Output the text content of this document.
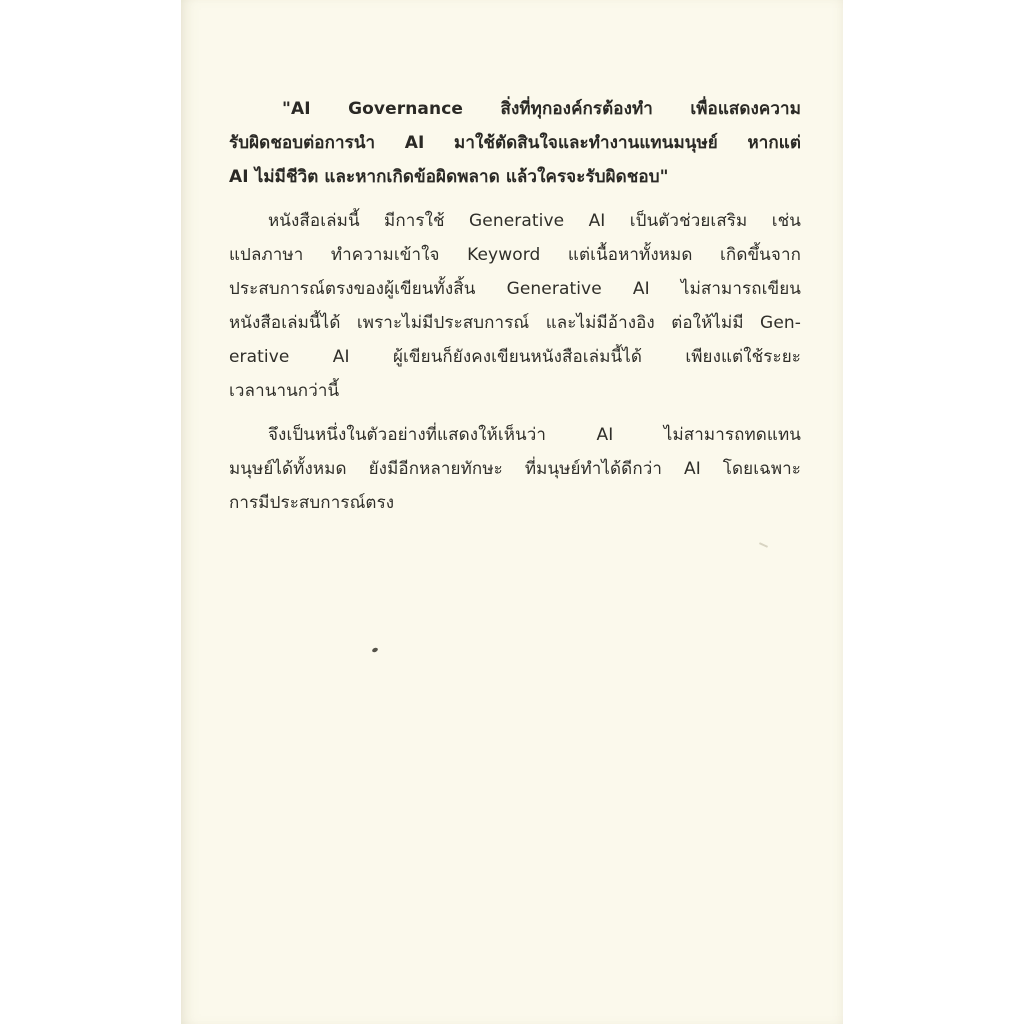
"AI Governance สิ่งที่ทุกองค์กรต้องทำ เพื่อแสดงความ
รับผิดชอบต่อการนำ AI มาใช้ตัดสินใจและทำงานแทนมนุษย์ หากแต่
AI ไม่มีชีวิต และหากเกิดข้อผิดพลาด แล้วใครจะรับผิดชอบ"
หนังสือเล่มนี้ มีการใช้ Generative AI เป็นตัวช่วยเสริม เช่น
แปลภาษา ทำความเข้าใจ Keyword แต่เนื้อหาทั้งหมด เกิดขึ้นจาก
ประสบการณ์ตรงของผู้เขียนทั้งสิ้น Generative AI ไม่สามารถเขียน
หนังสือเล่มนี้ได้ เพราะไม่มีประสบการณ์ และไม่มีอ้างอิง ต่อให้ไม่มี Gen-
erative AI ผู้เขียนก็ยังคงเขียนหนังสือเล่มนี้ได้ เพียงแต่ใช้ระยะ
เวลานานกว่านี้
จึงเป็นหนึ่งในตัวอย่างที่แสดงให้เห็นว่า AI ไม่สามารถทดแทน
มนุษย์ได้ทั้งหมด ยังมีอีกหลายทักษะ ที่มนุษย์ทำได้ดีกว่า AI โดยเฉพาะ
การมีประสบการณ์ตรง
